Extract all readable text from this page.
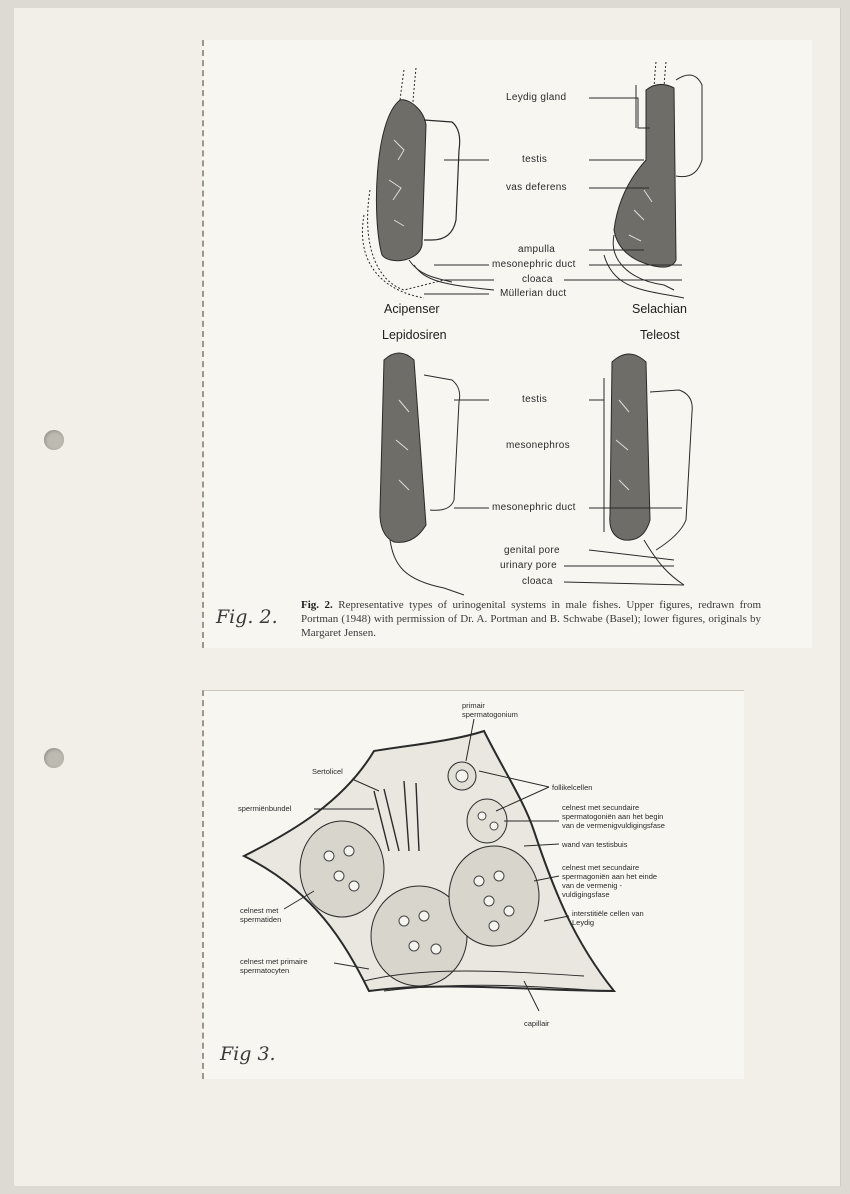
Leydig gland
testis
vas deferens
ampulla
mesonephric duct
cloaca
Müllerian duct
Acipenser	Selachian
Lepidosiren	Teleost
testis
mesonephros
mesonephric duct
genital pore
urinary pore
cloaca
Fig. 2.
Fig. 2. Representative types of urinogenital systems in male fishes. Upper figures, redrawn from Portman (1948) with permission of Dr. A. Portman and B. Schwabe (Basel); lower figures, originals by Margaret Jensen.
primair spermatogonium
Sertolicel
follikelcellen
spermiënbundel	celnest met secundaire spermatogoniën aan het begin van de vermenigvuldigingsfase
wand van testisbuis
celnest met secundaire spermagoniën aan het einde van de vermenig - vuldigingsfase
celnest met spermatiden
interstitiële cellen van Leydig
celnest met primaire spermatocyten
capillair
Fig 3.
